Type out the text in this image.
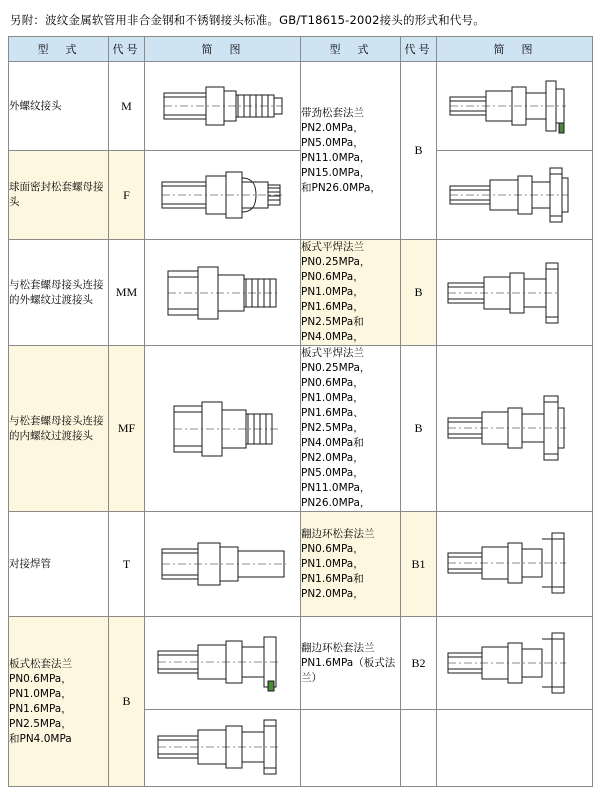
另附：波纹金属软管用非合金钢和不锈钢接头标准。GB/T18615-2002接头的形式和代号。
型　式	代号	简　图	型　式	代号	简　图
外螺纹接头	M		带劲松套法兰
PN2.0MPa，PN5.0MPa，
PN11.0MPa，PN15.0MPa，
和PN26.0MPa，	B	

球面密封松套螺母接头	F	

与松套螺母接头连接的外螺纹过渡接头	MM		板式平焊法兰
PN0.25MPa，PN0.6MPa，
PN1.0MPa，PN1.6MPa，
PN2.5MPa和PN4.0MPa，	B	

与松套螺母接头连接的内螺纹过渡接头	MF	
	板式平焊法兰
PN0.25MPa，PN0.6MPa，
PN1.0MPa，PN1.6MPa、
PN2.5MPa，PN4.0MPa和
PN2.0MPa，PN5.0MPa，
PN11.0MPa，PN26.0MPa，	B	

对接焊管	T		翻边环松套法兰
PN0.6MPa，PN1.0MPa，
PN1.6MPa和PN2.0MPa，	B1	

板式松套法兰
PN0.6MPa，PN1.0MPa，
PN1.6MPa，PN2.5MPa，
和PN4.0MPa	B		翻边环松套法兰
PN1.6MPa（板式法兰）	B2	
